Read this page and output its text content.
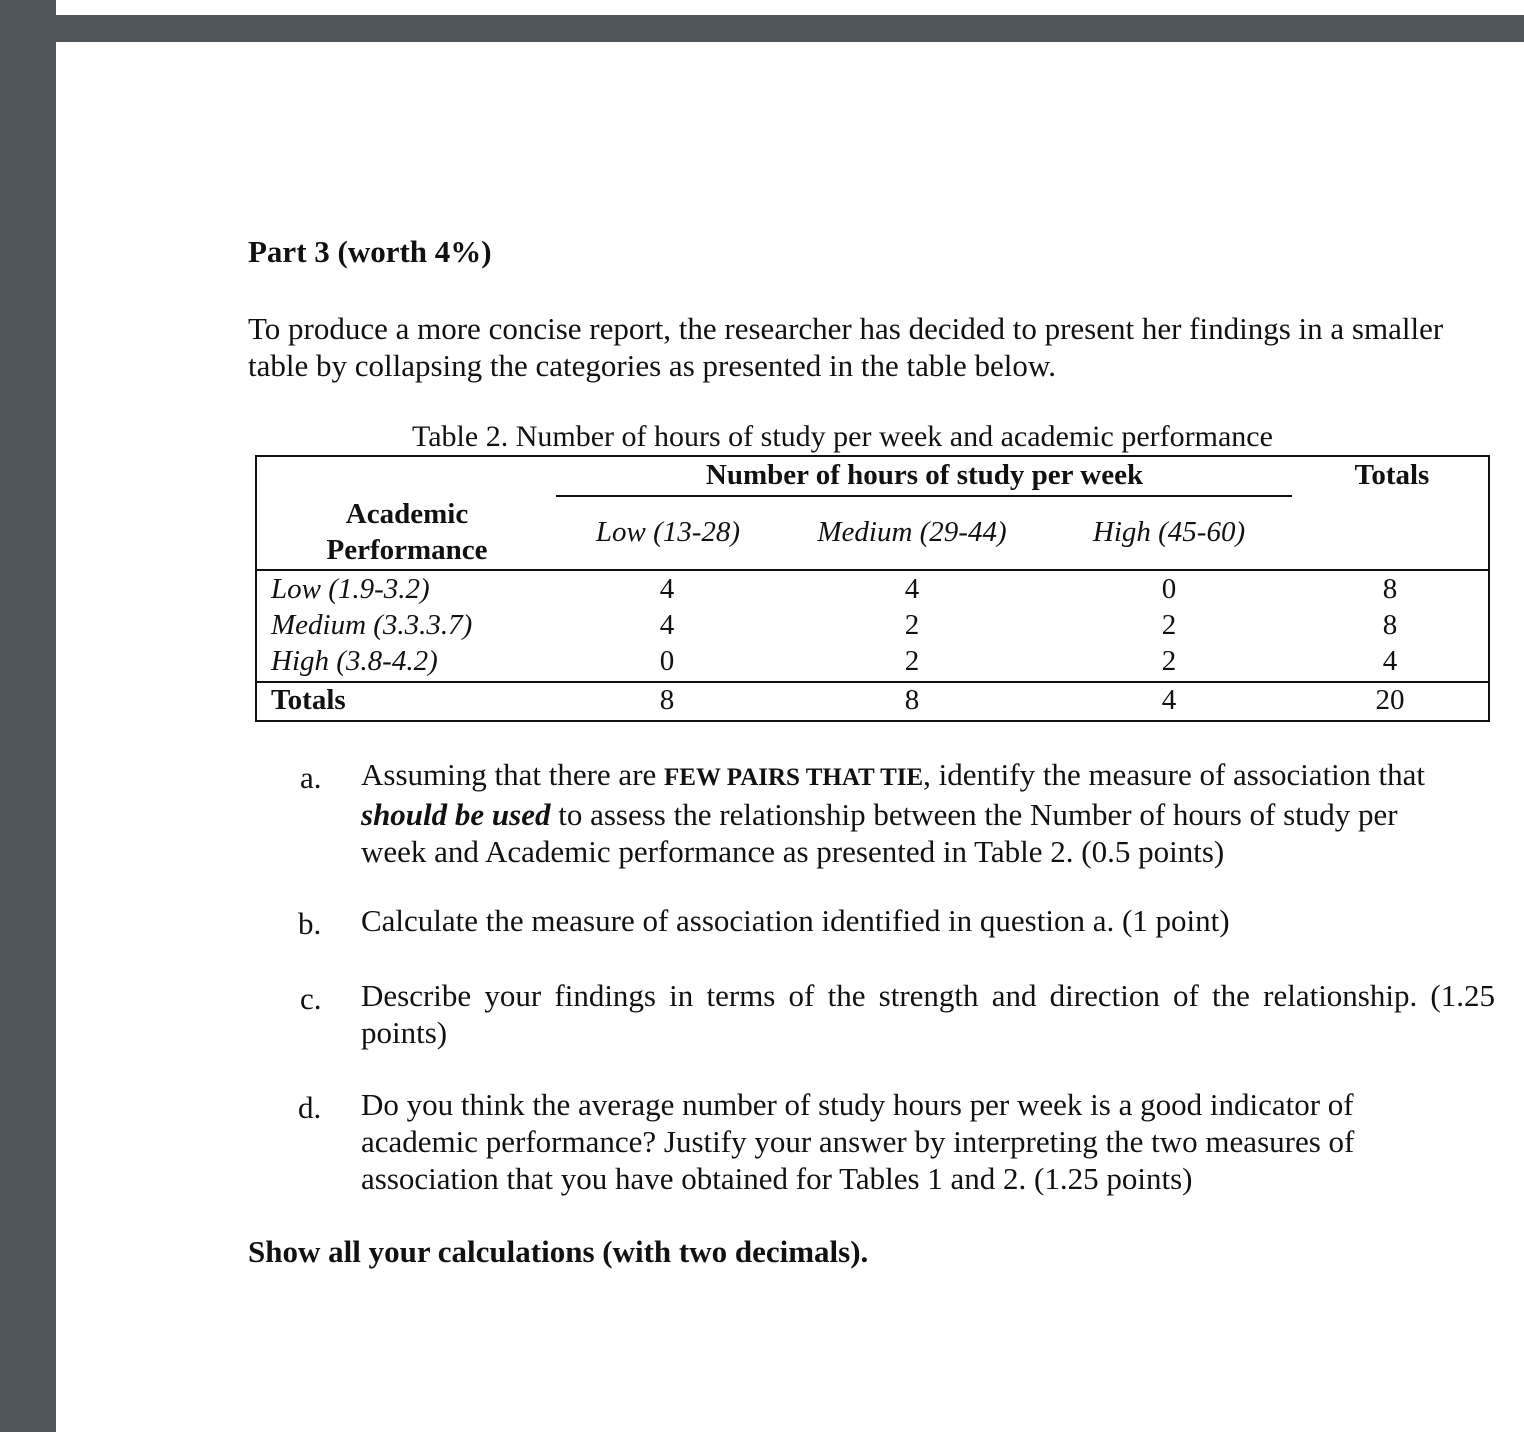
Part 3 (worth 4%)
To produce a more concise report, the researcher has decided to present her findings in a smaller
table by collapsing the categories as presented in the table below.
Table 2. Number of hours of study per week and academic performance
Number of hours of study per week	Totals
Academic
Performance
Low (13-28)	Medium (29-44)	High (45-60)
Low (1.9-3.2)	4	4	0	8
Medium (3.3.3.7)	4	2	2	8
High (3.8-4.2)	0	2	2	4
Totals	8	8	4	20
a. Assuming that there are FEW PAIRS THAT TIE, identify the measure of association that
should be used to assess the relationship between the Number of hours of study per
week and Academic performance as presented in Table 2. (0.5 points)
b. Calculate the measure of association identified in question a. (1 point)
c. Describe your findings in terms of the strength and direction of the relationship. (1.25
points)
d. Do you think the average number of study hours per week is a good indicator of
academic performance? Justify your answer by interpreting the two measures of
association that you have obtained for Tables 1 and 2. (1.25 points)
Show all your calculations (with two decimals).
